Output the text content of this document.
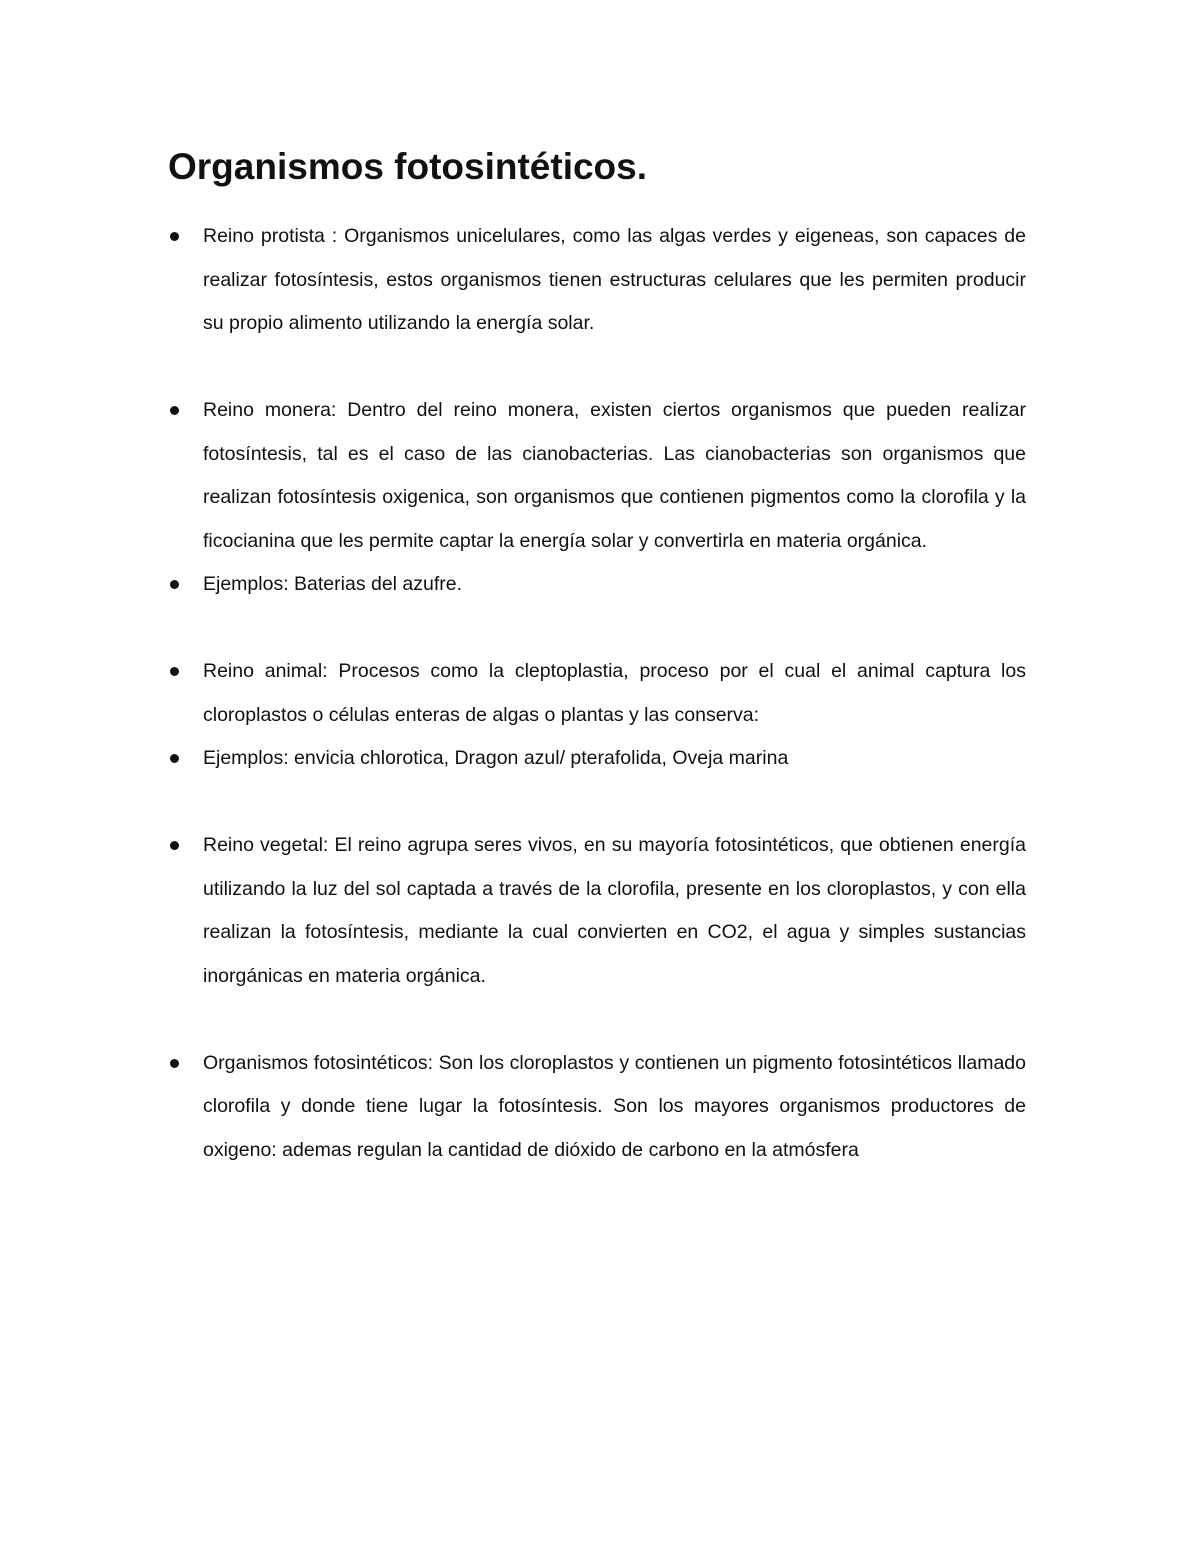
Organismos fotosintéticos.
Reino protista : Organismos unicelulares, como las algas verdes y eigeneas, son capaces de realizar fotosíntesis, estos organismos tienen estructuras celulares que les permiten producir su propio alimento utilizando la energía solar.
Reino monera: Dentro del reino monera, existen ciertos organismos que pueden realizar fotosíntesis, tal es el caso de las cianobacterias. Las cianobacterias son organismos que realizan fotosíntesis oxigenica, son organismos que contienen pigmentos como la clorofila y la ficocianina que les permite captar la energía solar y convertirla en materia orgánica.
Ejemplos: Baterias del azufre.
Reino animal: Procesos como la cleptoplastia, proceso por el cual el animal captura los cloroplastos o células enteras de algas o plantas y las conserva:
Ejemplos: envicia chlorotica, Dragon azul/ pterafolida, Oveja marina
Reino vegetal: El reino agrupa seres vivos, en su mayoría fotosintéticos, que obtienen energía utilizando la luz del sol captada a través de la clorofila, presente en los cloroplastos, y con ella realizan la fotosíntesis, mediante la cual convierten en CO2, el agua y simples sustancias inorgánicas en materia orgánica.
Organismos fotosintéticos: Son los cloroplastos y contienen un pigmento fotosintéticos llamado clorofila y donde tiene lugar la fotosíntesis. Son los mayores organismos productores de oxigeno: ademas regulan la cantidad de dióxido de carbono en la atmósfera
